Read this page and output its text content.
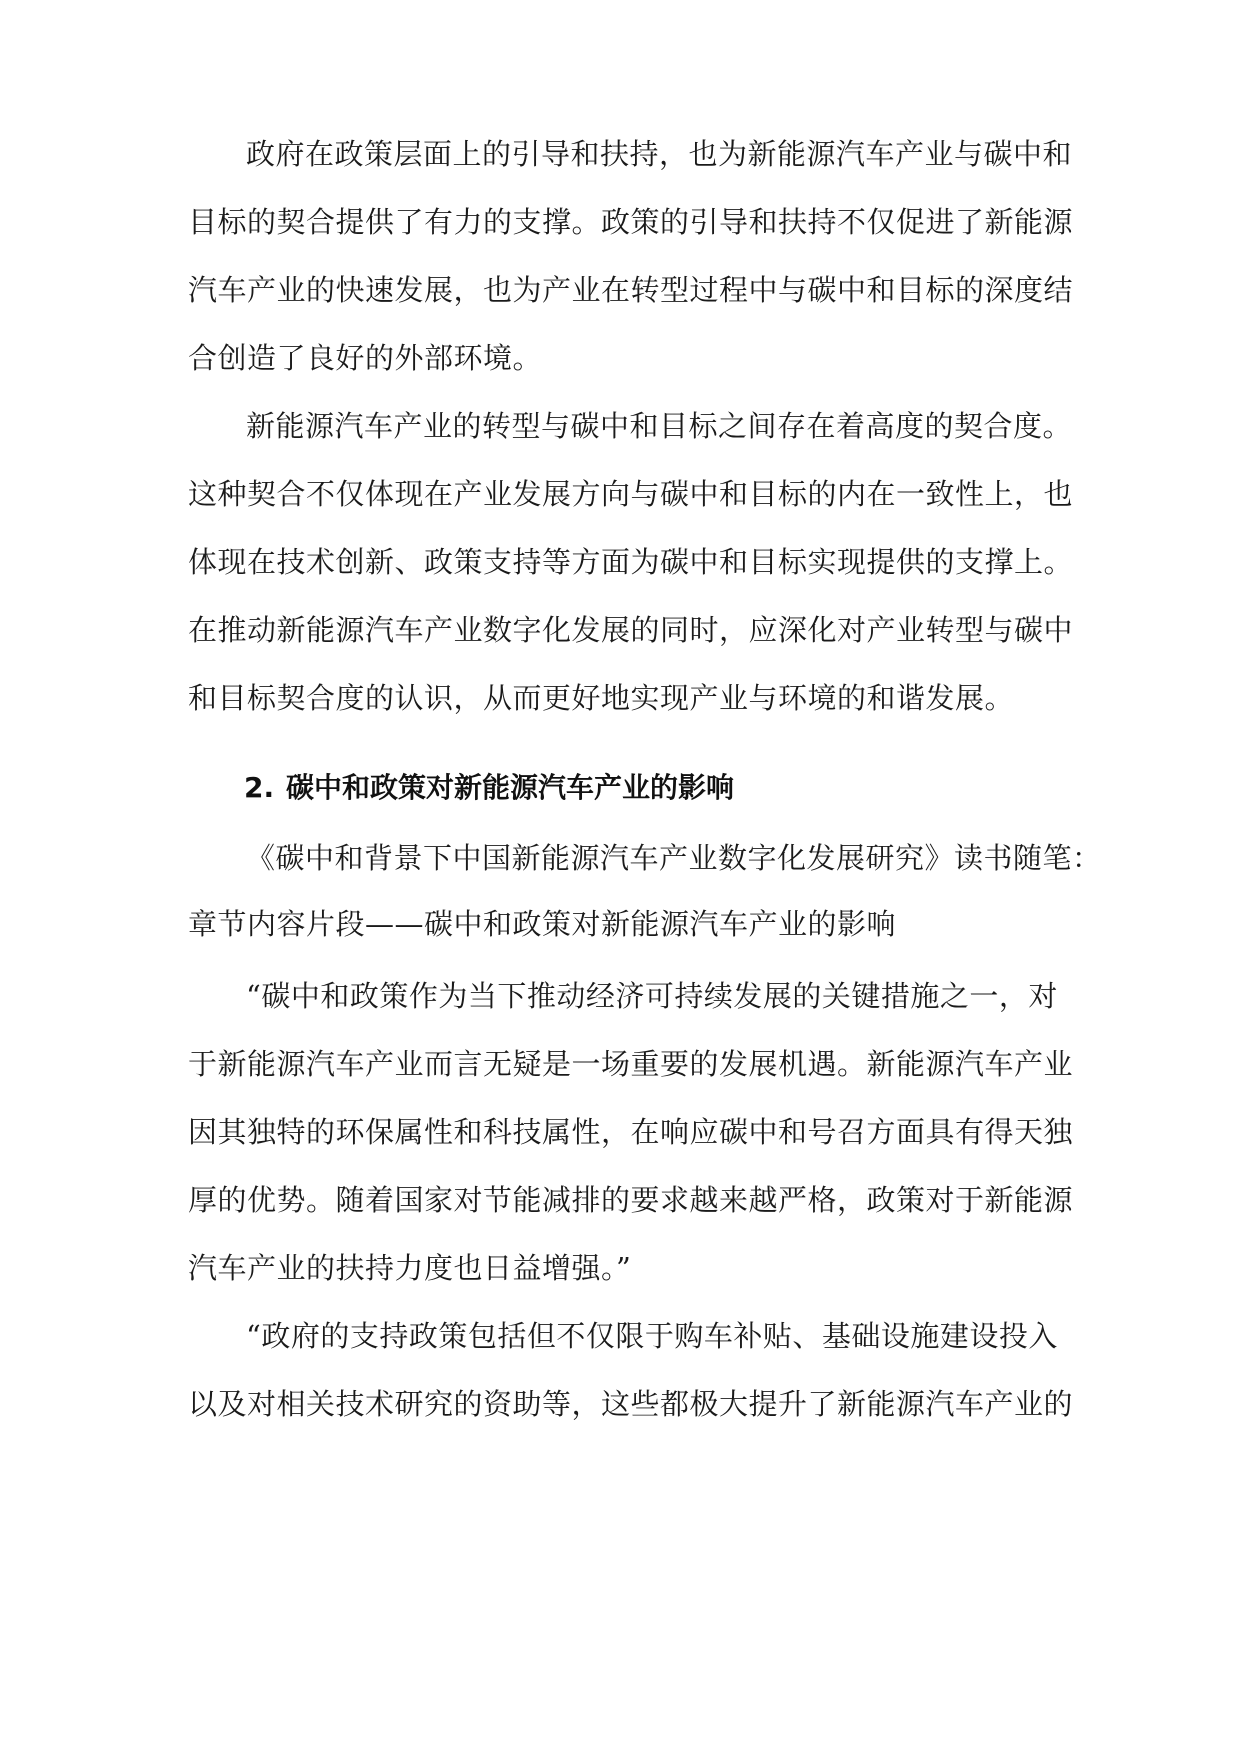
政府在政策层面上的引导和扶持，也为新能源汽车产业与碳中和
目标的契合提供了有力的支撑。政策的引导和扶持不仅促进了新能源
汽车产业的快速发展，也为产业在转型过程中与碳中和目标的深度结
合创造了良好的外部环境。
新能源汽车产业的转型与碳中和目标之间存在着高度的契合度。
这种契合不仅体现在产业发展方向与碳中和目标的内在一致性上，也
体现在技术创新、政策支持等方面为碳中和目标实现提供的支撑上。
在推动新能源汽车产业数字化发展的同时，应深化对产业转型与碳中
和目标契合度的认识，从而更好地实现产业与环境的和谐发展。
2. 碳中和政策对新能源汽车产业的影响
《碳中和背景下中国新能源汽车产业数字化发展研究》读书随笔：
章节内容片段——碳中和政策对新能源汽车产业的影响
“碳中和政策作为当下推动经济可持续发展的关键措施之一，对
于新能源汽车产业而言无疑是一场重要的发展机遇。新能源汽车产业
因其独特的环保属性和科技属性，在响应碳中和号召方面具有得天独
厚的优势。随着国家对节能减排的要求越来越严格，政策对于新能源
汽车产业的扶持力度也日益增强。”
“政府的支持政策包括但不仅限于购车补贴、基础设施建设投入
以及对相关技术研究的资助等，这些都极大提升了新能源汽车产业的
